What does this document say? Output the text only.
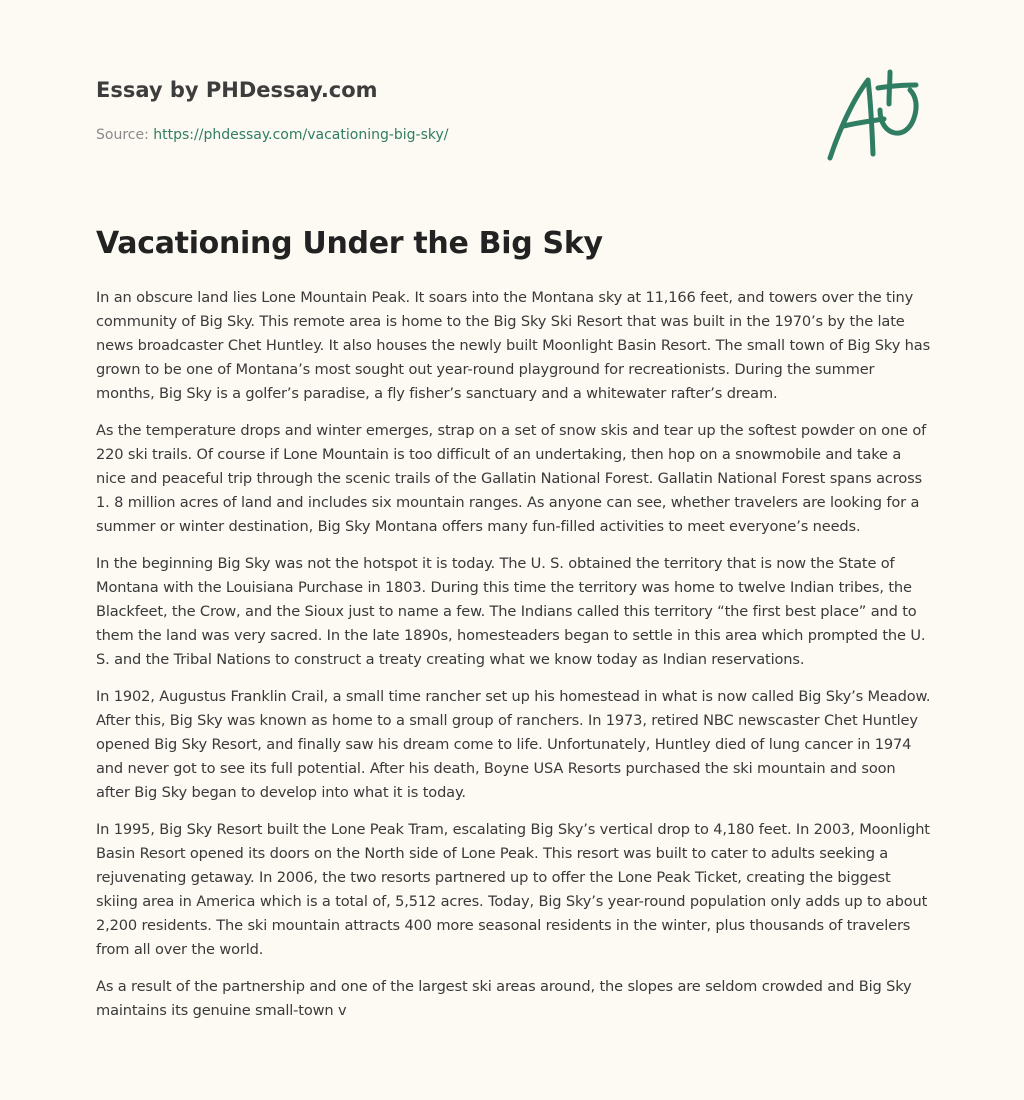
Essay by PHDessay.com
Source: https://phdessay.com/vacationing-big-sky/
Vacationing Under the Big Sky

In an obscure land lies Lone Mountain Peak. It soars into the Montana sky at 11,166 feet, and towers over the tiny community of Big Sky. This remote area is home to the Big Sky Ski Resort that was built in the 1970’s by the late news broadcaster Chet Huntley. It also houses the newly built Moonlight Basin Resort. The small town of Big Sky has grown to be one of Montana’s most sought out year-round playground for recreationists. During the summer months, Big Sky is a golfer’s paradise, a fly fisher’s sanctuary and a whitewater rafter’s dream.

As the temperature drops and winter emerges, strap on a set of snow skis and tear up the softest powder on one of 220 ski trails. Of course if Lone Mountain is too difficult of an undertaking, then hop on a snowmobile and take a nice and peaceful trip through the scenic trails of the Gallatin National Forest. Gallatin National Forest spans across 1. 8 million acres of land and includes six mountain ranges. As anyone can see, whether travelers are looking for a summer or winter destination, Big Sky Montana offers many fun-filled activities to meet everyone’s needs.

In the beginning Big Sky was not the hotspot it is today. The U. S. obtained the territory that is now the State of Montana with the Louisiana Purchase in 1803. During this time the territory was home to twelve Indian tribes, the Blackfeet, the Crow, and the Sioux just to name a few. The Indians called this territory “the first best place” and to them the land was very sacred. In the late 1890s, homesteaders began to settle in this area which prompted the U. S. and the Tribal Nations to construct a treaty creating what we know today as Indian reservations.

In 1902, Augustus Franklin Crail, a small time rancher set up his homestead in what is now called Big Sky’s Meadow. After this, Big Sky was known as home to a small group of ranchers. In 1973, retired NBC newscaster Chet Huntley opened Big Sky Resort, and finally saw his dream come to life. Unfortunately, Huntley died of lung cancer in 1974 and never got to see its full potential. After his death, Boyne USA Resorts purchased the ski mountain and soon after Big Sky began to develop into what it is today.

In 1995, Big Sky Resort built the Lone Peak Tram, escalating Big Sky’s vertical drop to 4,180 feet. In 2003, Moonlight Basin Resort opened its doors on the North side of Lone Peak. This resort was built to cater to adults seeking a rejuvenating getaway. In 2006, the two resorts partnered up to offer the Lone Peak Ticket, creating the biggest skiing area in America which is a total of, 5,512 acres. Today, Big Sky’s year-round population only adds up to about 2,200 residents. The ski mountain attracts 400 more seasonal residents in the winter, plus thousands of travelers from all over the world.

As a result of the partnership and one of the largest ski areas around, the slopes are seldom crowded and Big Sky maintains its genuine small-town v
